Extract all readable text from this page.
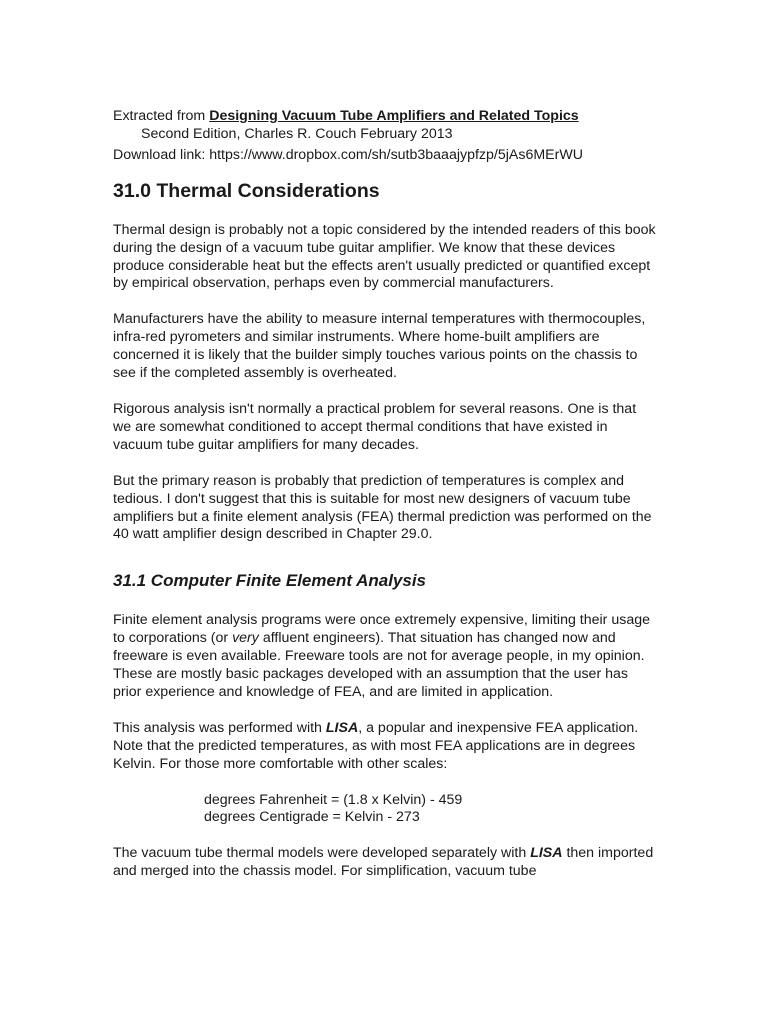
Extracted from Designing Vacuum Tube Amplifiers and Related Topics

Second Edition, Charles R. Couch February 2013

Download link: https://www.dropbox.com/sh/sutb3baaajypfzp/5jAs6MErWU

31.0 Thermal Considerations

Thermal design is probably not a topic considered by the intended readers of this book during the design of a vacuum tube guitar amplifier. We know that these devices produce considerable heat but the effects aren't usually predicted or quantified except by empirical observation, perhaps even by commercial manufacturers.

Manufacturers have the ability to measure internal temperatures with thermocouples, infra-red pyrometers and similar instruments. Where home-built amplifiers are concerned it is likely that the builder simply touches various points on the chassis to see if the completed assembly is overheated.

Rigorous analysis isn't normally a practical problem for several reasons. One is that we are somewhat conditioned to accept thermal conditions that have existed in vacuum tube guitar amplifiers for many decades.

But the primary reason is probably that prediction of temperatures is complex and tedious. I don't suggest that this is suitable for most new designers of vacuum tube amplifiers but a finite element analysis (FEA) thermal prediction was performed on the 40 watt amplifier design described in Chapter 29.0.

31.1 Computer Finite Element Analysis

Finite element analysis programs were once extremely expensive, limiting their usage to corporations (or very affluent engineers). That situation has changed now and freeware is even available. Freeware tools are not for average people, in my opinion. These are mostly basic packages developed with an assumption that the user has prior experience and knowledge of FEA, and are limited in application.

This analysis was performed with LISA, a popular and inexpensive FEA application. Note that the predicted temperatures, as with most FEA applications are in degrees Kelvin. For those more comfortable with other scales:

degrees Fahrenheit = (1.8 x Kelvin) - 459

degrees Centigrade = Kelvin - 273

The vacuum tube thermal models were developed separately with LISA then imported and merged into the chassis model. For simplification, vacuum tube
